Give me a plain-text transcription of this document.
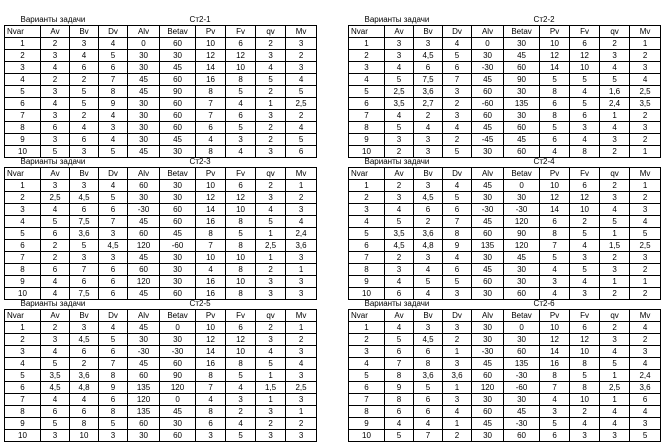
Варианты задачи					Ст2-1				
Nvar	Av	Bv	Dv	Alv	Betav	Pv	Fv	qv	Mv
1	2	3	4	0	60	10	6	2	3
2	3	4	5	30	30	12	12	3	2
3	4	6	6	30	45	14	10	4	3
4	2	2	7	45	60	16	8	5	4
5	3	5	8	45	90	8	5	2	5
6	4	5	9	30	60	7	4	1	2,5
7	3	2	4	30	60	7	6	3	2
8	6	4	3	30	60	6	5	2	4
9	3	6	4	30	45	4	3	2	5
10	5	3	5	45	30	8	4	3	6
Варианты задачи					Ст2-2				
Nvar	Av	Bv	Dv	Alv	Betav	Pv	Fv	qv	Mv
1	3	3	4	0	30	10	6	2	1
2	3	4,5	5	30	45	12	12	3	2
3	4	6	6	-30	60	14	10	4	3
4	5	7,5	7	45	90	5	5	5	4
5	2,5	3,6	3	60	30	8	4	1,6	2,5
6	3,5	2,7	2	-60	135	6	5	2,4	3,5
7	4	2	3	60	30	8	6	1	2
8	5	4	4	45	60	5	3	4	3
9	3	3	2	-45	45	6	4	3	2
10	2	3	5	30	60	4	8	2	1
Варианты задачи					Ст2-3				
Nvar	Av	Bv	Dv	Alv	Betav	Pv	Fv	qv	Mv
1	3	3	4	60	30	10	6	2	1
2	2,5	4,5	5	30	30	12	12	3	2
3	4	6	6	-30	60	14	10	4	3
4	5	7,5	7	45	60	16	8	5	4
5	6	3,6	3	60	45	8	5	1	2,4
6	2	5	4,5	120	-60	7	8	2,5	3,6
7	2	3	3	45	30	10	10	1	3
8	6	7	6	60	30	4	8	2	1
9	4	6	6	120	30	16	10	3	3
10	4	7,5	6	45	60	16	8	3	3
Варианты задачи					Ст2-4				
Nvar	Av	Bv	Dv	Alv	Betav	Pv	Fv	qv	Mv
1	2	3	4	45	0	10	6	2	1
2	3	4,5	5	30	30	12	12	3	2
3	4	6	6	-30	-30	14	10	4	3
4	5	2	7	45	120	6	2	5	4
5	3,5	3,6	8	60	90	8	5	1	5
6	4,5	4,8	9	135	120	7	4	1,5	2,5
7	2	3	4	30	45	5	3	2	3
8	3	4	6	45	30	4	5	3	2
9	4	5	5	60	30	3	4	1	1
10	6	4	3	30	60	4	3	2	2
Варианты задачи					Ст2-5				
Nvar	Av	Bv	Dv	Alv	Betav	Pv	Fv	qv	Mv
1	2	3	4	45	0	10	6	2	1
2	3	4,5	5	30	30	12	12	3	2
3	4	6	6	-30	-30	14	10	4	3
4	5	2	7	45	60	16	8	5	4
5	3,5	3,6	8	60	90	8	5	1	3
6	4,5	4,8	9	135	120	7	4	1,5	2,5
7	4	4	6	120	0	4	3	1	3
8	6	6	8	135	45	8	2	3	1
9	5	8	5	60	30	6	4	2	2
10	3	10	3	30	60	3	5	3	3
Варианты задачи					Ст2-6				
Nvar	Av	Bv	Dv	Alv	Betav	Pv	Fv	qv	Mv
1	4	3	3	30	0	10	6	2	4
2	5	4,5	2	30	30	12	12	3	2
3	6	6	1	-30	60	14	10	4	3
4	7	8	3	45	135	16	8	5	4
5	8	3,6	3,6	60	-30	8	5	1	2,4
6	9	5	1	120	-60	7	8	2,5	3,6
7	8	6	3	30	30	4	10	1	6
8	6	6	4	60	45	3	2	4	4
9	4	4	1	45	-30	5	4	4	3
10	5	7	2	30	60	6	3	3	5
